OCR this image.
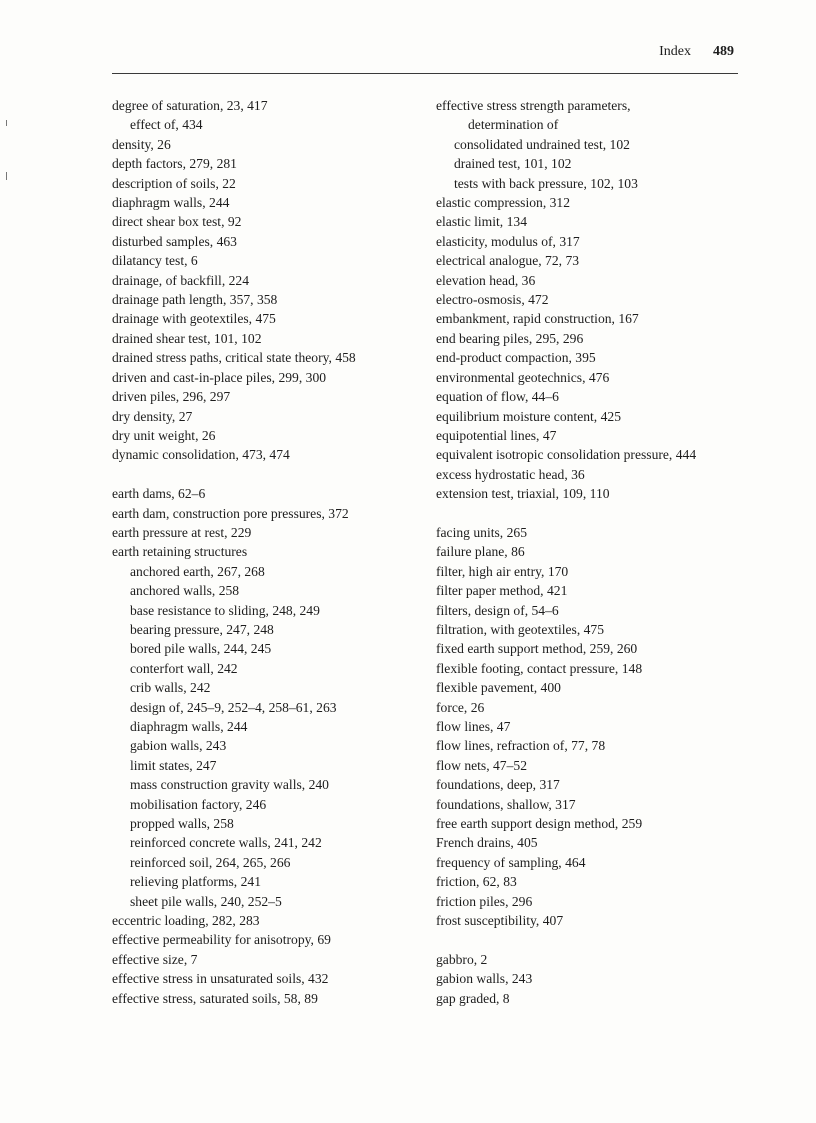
Index 489
degree of saturation, 23, 417
effect of, 434
density, 26
depth factors, 279, 281
description of soils, 22
diaphragm walls, 244
direct shear box test, 92
disturbed samples, 463
dilatancy test, 6
drainage, of backfill, 224
drainage path length, 357, 358
drainage with geotextiles, 475
drained shear test, 101, 102
drained stress paths, critical state theory, 458
driven and cast-in-place piles, 299, 300
driven piles, 296, 297
dry density, 27
dry unit weight, 26
dynamic consolidation, 473, 474
earth dams, 62–6
earth dam, construction pore pressures, 372
earth pressure at rest, 229
earth retaining structures
anchored earth, 267, 268
anchored walls, 258
base resistance to sliding, 248, 249
bearing pressure, 247, 248
bored pile walls, 244, 245
conterfort wall, 242
crib walls, 242
design of, 245–9, 252–4, 258–61, 263
diaphragm walls, 244
gabion walls, 243
limit states, 247
mass construction gravity walls, 240
mobilisation factory, 246
propped walls, 258
reinforced concrete walls, 241, 242
reinforced soil, 264, 265, 266
relieving platforms, 241
sheet pile walls, 240, 252–5
eccentric loading, 282, 283
effective permeability for anisotropy, 69
effective size, 7
effective stress in unsaturated soils, 432
effective stress, saturated soils, 58, 89
effective stress strength parameters,
determination of
consolidated undrained test, 102
drained test, 101, 102
tests with back pressure, 102, 103
elastic compression, 312
elastic limit, 134
elasticity, modulus of, 317
electrical analogue, 72, 73
elevation head, 36
electro-osmosis, 472
embankment, rapid construction, 167
end bearing piles, 295, 296
end-product compaction, 395
environmental geotechnics, 476
equation of flow, 44–6
equilibrium moisture content, 425
equipotential lines, 47
equivalent isotropic consolidation pressure, 444
excess hydrostatic head, 36
extension test, triaxial, 109, 110
facing units, 265
failure plane, 86
filter, high air entry, 170
filter paper method, 421
filters, design of, 54–6
filtration, with geotextiles, 475
fixed earth support method, 259, 260
flexible footing, contact pressure, 148
flexible pavement, 400
force, 26
flow lines, 47
flow lines, refraction of, 77, 78
flow nets, 47–52
foundations, deep, 317
foundations, shallow, 317
free earth support design method, 259
French drains, 405
frequency of sampling, 464
friction, 62, 83
friction piles, 296
frost susceptibility, 407
gabbro, 2
gabion walls, 243
gap graded, 8
